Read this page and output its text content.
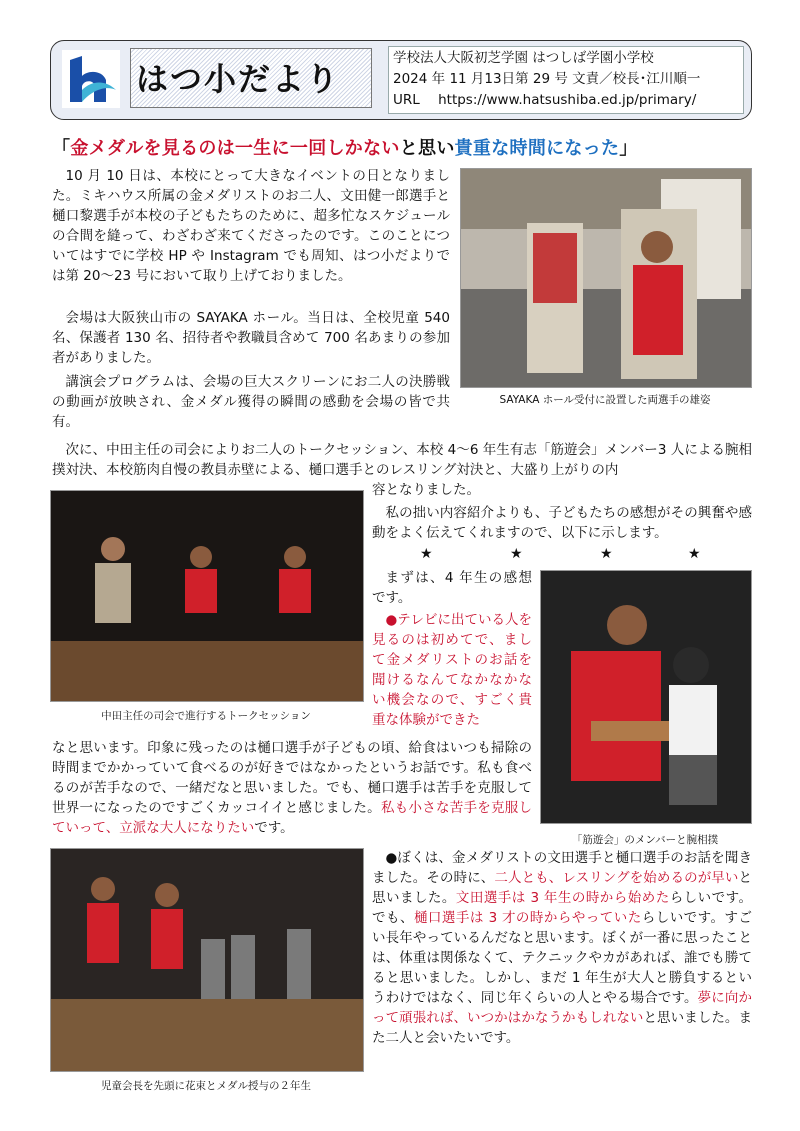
はつ小だより
学校法人大阪初芝学園 はつしば学園小学校
2024 年 11 月13日第 29 号 文責／校長･江川順一
URL https://www.hatsushiba.ed.jp/primary/
「金メダルを見るのは一生に一回しかないと思い貴重な時間になった」
10 月 10 日は、本校にとって大きなイベントの日となりました。ミキハウス所属の金メダリストのお二人、文田健一郎選手と樋口黎選手が本校の子どもたちのために、超多忙なスケジュールの合間を縫って、わざわざ来てくださったのです。このことについてはすでに学校 HP や Instagram でも周知、はつ小だよりでは第 20～23 号において取り上げておりました。
会場は大阪狭山市の SAYAKA ホール。当日は、全校児童 540 名、保護者 130 名、招待者や教職員含めて 700 名あまりの参加者がありました。
講演会プログラムは、会場の巨大スクリーンにお二人の決勝戦の動画が放映され、金メダル獲得の瞬間の感動を会場の皆で共有。
SAYAKA ホール受付に設置した両選手の雄姿
次に、中田主任の司会によりお二人のトークセッション、本校 4～6 年生有志「筋遊会」メンバー3 人による腕相撲対決、本校筋肉自慢の教員赤壁による、樋口選手とのレスリング対決と、大盛り上がりの内
容となりました。
中田主任の司会で進行するトークセッション
私の拙い内容紹介よりも、子どもたちの感想がその興奮や感動をよく伝えてくれますので、以下に示します。
★	★	★	★
まずは、4 年生の感想です。
●テレビに出ている人を見るのは初めてで、まして金メダリストのお話を聞けるなんてなかなかない機会なので、すごく貴重な体験ができた
「筋遊会」のメンバーと腕相撲
なと思います。印象に残ったのは樋口選手が子どもの頃、給食はいつも掃除の時間までかかっていて食べるのが好きではなかったというお話です。私も食べるのが苦手なので、一緒だなと思いました。でも、樋口選手は苦手を克服して世界一になったのですごくカッコイイと感じました。私も小さな苦手を克服していって、立派な大人になりたいです。
児童会長を先頭に花束とメダル授与の２年生
●ぼくは、金メダリストの文田選手と樋口選手のお話を聞きました。その時に、二人とも、レスリングを始めるのが早いと思いました。文田選手は 3 年生の時から始めたらしいです。でも、樋口選手は 3 才の時からやっていたらしいです。すごい長年やっているんだなと思います。ぼくが一番に思ったことは、体重は関係なくて、テクニックやカがあれば、誰でも勝てると思いました。しかし、まだ 1 年生が大人と勝負するというわけではなく、同じ年くらいの人とやる場合です。夢に向かって頑張れば、いつかはかなうかもしれないと思いました。また二人と会いたいです。
